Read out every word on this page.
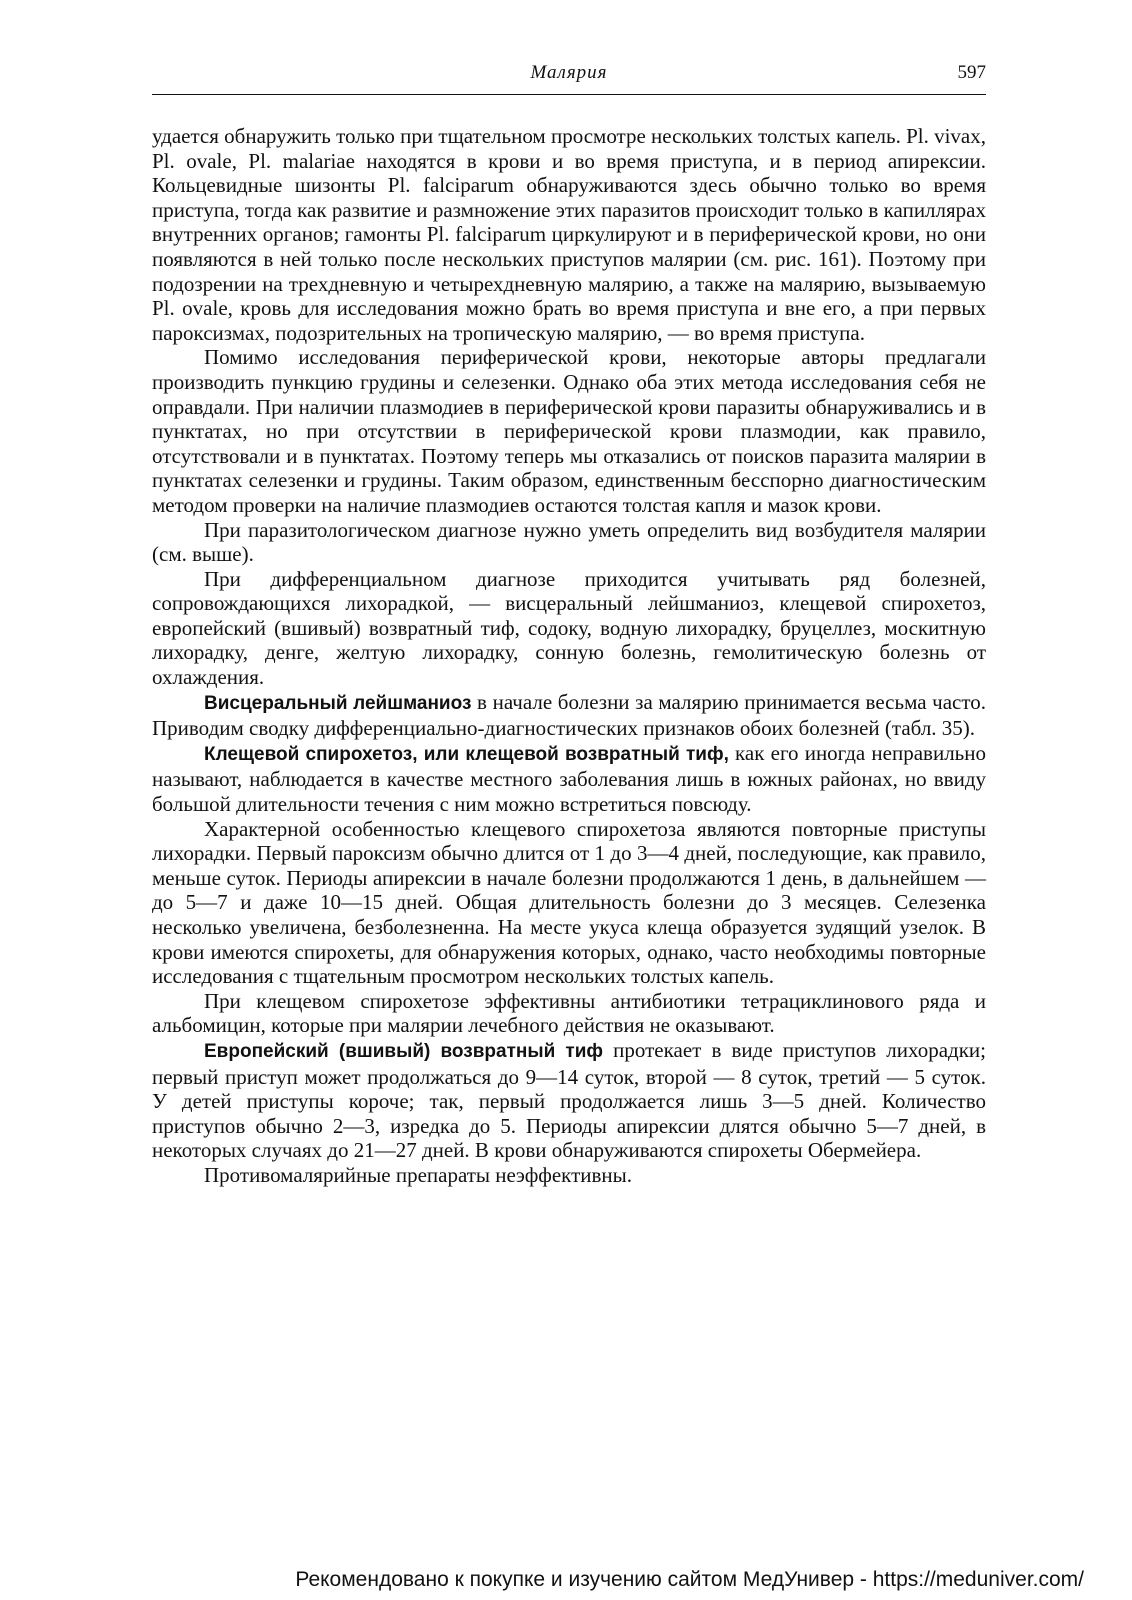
Малярия	597

удается обнаружить только при тщательном просмотре нескольких толстых капель. Pl. vivax, Pl. ovale, Pl. malariae находятся в крови и во время приступа, и в период апирексии. Кольцевидные шизонты Pl. falciparum обнаруживаются здесь обычно только во время приступа, тогда как развитие и размножение этих паразитов происходит только в капиллярах внутренних органов; гамонты Pl. falciparum циркулируют и в периферической крови, но они появляются в ней только после нескольких приступов малярии (см. рис. 161). Поэтому при подозрении на трехдневную и четырехдневную малярию, а также на малярию, вызываемую Pl. ovale, кровь для исследования можно брать во время приступа и вне его, а при первых пароксизмах, подозрительных на тропическую малярию, — во время приступа.

Помимо исследования периферической крови, некоторые авторы предлагали производить пункцию грудины и селезенки. Однако оба этих метода исследования себя не оправдали. При наличии плазмодиев в периферической крови паразиты обнаруживались и в пунктатах, но при отсутствии в периферической крови плазмодии, как правило, отсутствовали и в пунктатах. Поэтому теперь мы отказались от поисков паразита малярии в пунктатах селезенки и грудины. Таким образом, единственным бесспорно диагностическим методом проверки на наличие плазмодиев остаются толстая капля и мазок крови.

При паразитологическом диагнозе нужно уметь определить вид возбудителя малярии (см. выше).

При дифференциальном диагнозе приходится учитывать ряд болезней, сопровождающихся лихорадкой, — висцеральный лейшманиоз, клещевой спирохетоз, европейский (вшивый) возвратный тиф, содоку, водную лихорадку, бруцеллез, москитную лихорадку, денге, желтую лихорадку, сонную болезнь, гемолитическую болезнь от охлаждения.

Висцеральный лейшманиоз в начале болезни за малярию принимается весьма часто. Приводим сводку дифференциально-диагностических признаков обоих болезней (табл. 35).

Клещевой спирохетоз, или клещевой возвратный тиф, как его иногда неправильно называют, наблюдается в качестве местного заболевания лишь в южных районах, но ввиду большой длительности течения с ним можно встретиться повсюду.

Характерной особенностью клещевого спирохетоза являются повторные приступы лихорадки. Первый пароксизм обычно длится от 1 до 3—4 дней, последующие, как правило, меньше суток. Периоды апирексии в начале болезни продолжаются 1 день, в дальнейшем — до 5—7 и даже 10—15 дней. Общая длительность болезни до 3 месяцев. Селезенка несколько увеличена, безболезненна. На месте укуса клеща образуется зудящий узелок. В крови имеются спирохеты, для обнаружения которых, однако, часто необходимы повторные исследования с тщательным просмотром нескольких толстых капель.

При клещевом спирохетозе эффективны антибиотики тетрациклинового ряда и альбомицин, которые при малярии лечебного действия не оказывают.

Европейский (вшивый) возвратный тиф протекает в виде приступов лихорадки; первый приступ может продолжаться до 9—14 суток, второй — 8 суток, третий — 5 суток. У детей приступы короче; так, первый продолжается лишь 3—5 дней. Количество приступов обычно 2—3, изредка до 5. Периоды апирексии длятся обычно 5—7 дней, в некоторых случаях до 21—27 дней. В крови обнаруживаются спирохеты Обермейера.

Противомалярийные препараты неэффективны.

Рекомендовано к покупке и изучению сайтом МедУнивер - https://meduniver.com/
